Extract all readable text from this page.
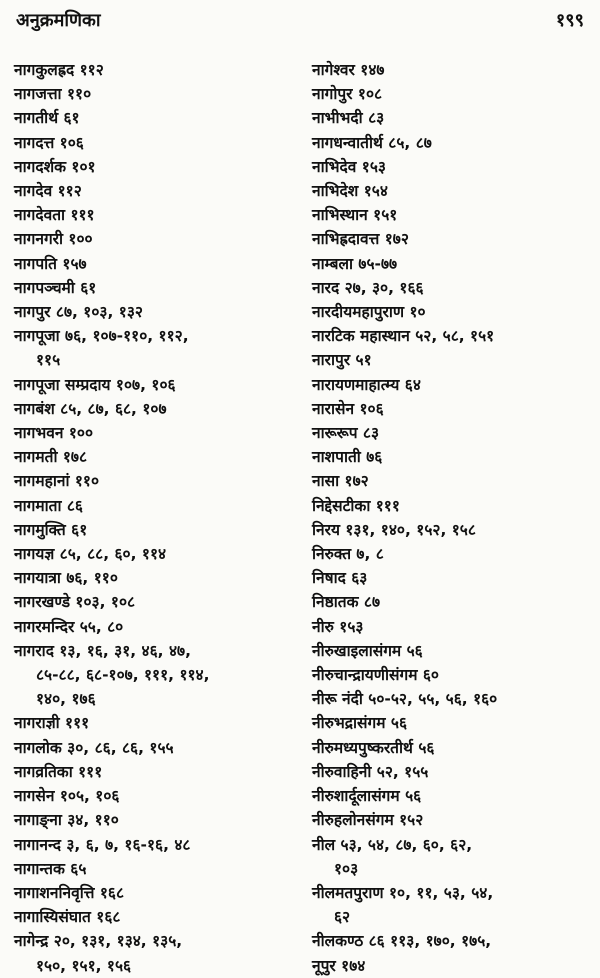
अनुक्रमणिका	१९९
नागकुलह्रद ११२
नागजत्ता ११०
नागतीर्थ ६१
नागदत्त १०६
नागदर्शक १०१
नागदेव ११२
नागदेवता १११
नागनगरी १००
नागपति १५७
नागपञ्चमी ६१
नागपुर ८७, १०३, १३२
नागपूजा ७६, १०७-११०, ११२,
११५
नागपूजा सम्प्रदाय १०७, १०६
नागबंश ८५, ८७, ६८, १०७
नागभवन १००
नागमती १७८
नागमहानां ११०
नागमाता ८६
नागमुक्ति ६१
नागयज्ञ ८५, ८८, ६०, ११४
नागयात्रा ७६, ११०
नागरखण्डे १०३, १०८
नागरमन्दिर ५५, ८०
नागराद १३, १६, ३१, ४६, ४७,
८५-८८, ६८-१०७, १११, ११४,
१४०, १७६
नागराज्ञी १११
नागलोक ३०, ८६, ८६, १५५
नागव्रतिका १११
नागसेन १०५, १०६
नागाङ्ना ३४, ११०
नागानन्द ३, ६, ७, १६-१६, ४८
नागान्तक ६५
नागाशननिवृत्ति १६८
नागास्यिसंघात १६८
नागेन्द्र २०, १३१, १३४, १३५,
१५०, १५१, १५६
नागेश्वर १४७
नागोपुर १०८
नाभीभदी ८३
नागधन्वातीर्थ ८५, ८७
नाभिदेव १५३
नाभिदेश १५४
नाभिस्थान १५१
नाभिह्रदावत्त १७२
नाम्बला ७५-७७
नारद २७, ३०, १६६
नारदीयमहापुराण १०
नारटिक महास्थान ५२, ५८, १५१
नारापुर ५१
नारायणमाहात्म्य ६४
नारासेन १०६
नारूरूप ८३
नाशपाती ७६
नासा १७२
निद्देसटीका १११
निरय १३१, १४०, १५२, १५८
निरुक्त ७, ८
निषाद ६३
निष्ठातक ८७
नीरु १५३
नीरुखाइलासंगम ५६
नीरुचान्द्रायणीसंगम ६०
नीरू नंदी ५०-५२, ५५, ५६, १६०
नीरुभद्रासंगम ५६
नीरुमध्यपुष्करतीर्थ ५६
नीरुवाहिनी ५२, १५५
नीरुशार्दूलासंगम ५६
नीरुहलोनसंगम १५२
नील ५३, ५४, ८७, ६०, ६२,
१०३
नीलमतपुराण १०, ११, ५३, ५४,
६२
नीलकण्ठ ८६ ११३, १७०, १७५,
नूपुर १७४
